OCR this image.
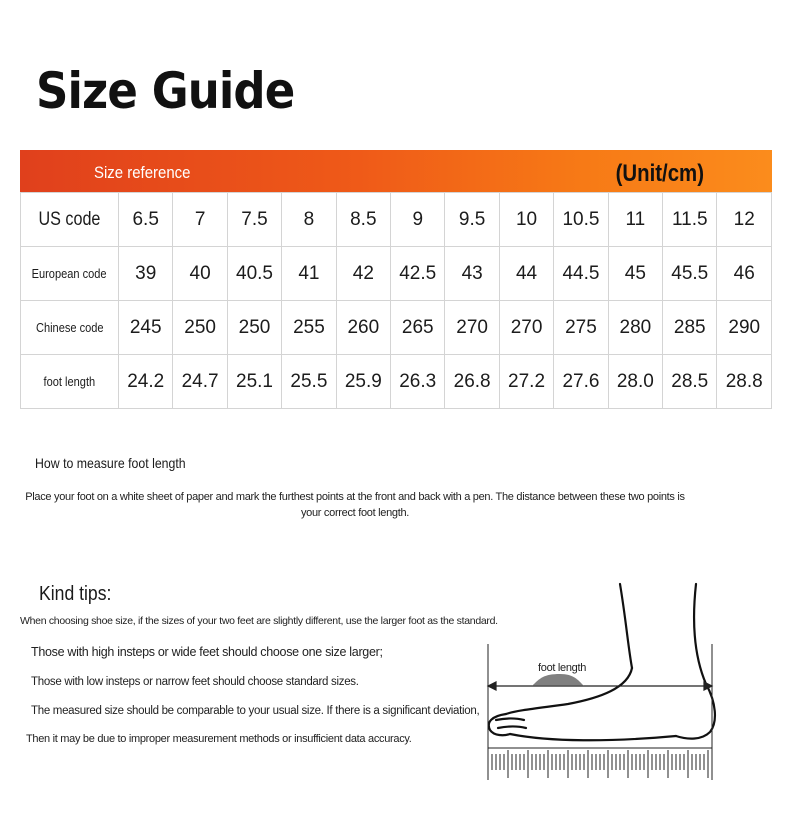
Size Guide
Size reference	(Unit/cm)
US code	6.5	7	7.5	8	8.5	9	9.5	10	10.5	11	11.5	12
European code	39	40	40.5	41	42	42.5	43	44	44.5	45	45.5	46
Chinese code	245	250	250	255	260	265	270	270	275	280	285	290
foot length	24.2	24.7	25.1	25.5	25.9	26.3	26.8	27.2	27.6	28.0	28.5	28.8
How to measure foot length
Place your foot on a white sheet of paper and mark the furthest points at the front and back with a pen. The distance between these two points is your correct foot length.
Kind tips:
When choosing shoe size, if the sizes of your two feet are slightly different, use the larger foot as the standard.
Those with high insteps or wide feet should choose one size larger;
Those with low insteps or narrow feet should choose standard sizes.
The measured size should be comparable to your usual size. If there is a significant deviation,
Then it may be due to improper measurement methods or insufficient data accuracy.
foot length
